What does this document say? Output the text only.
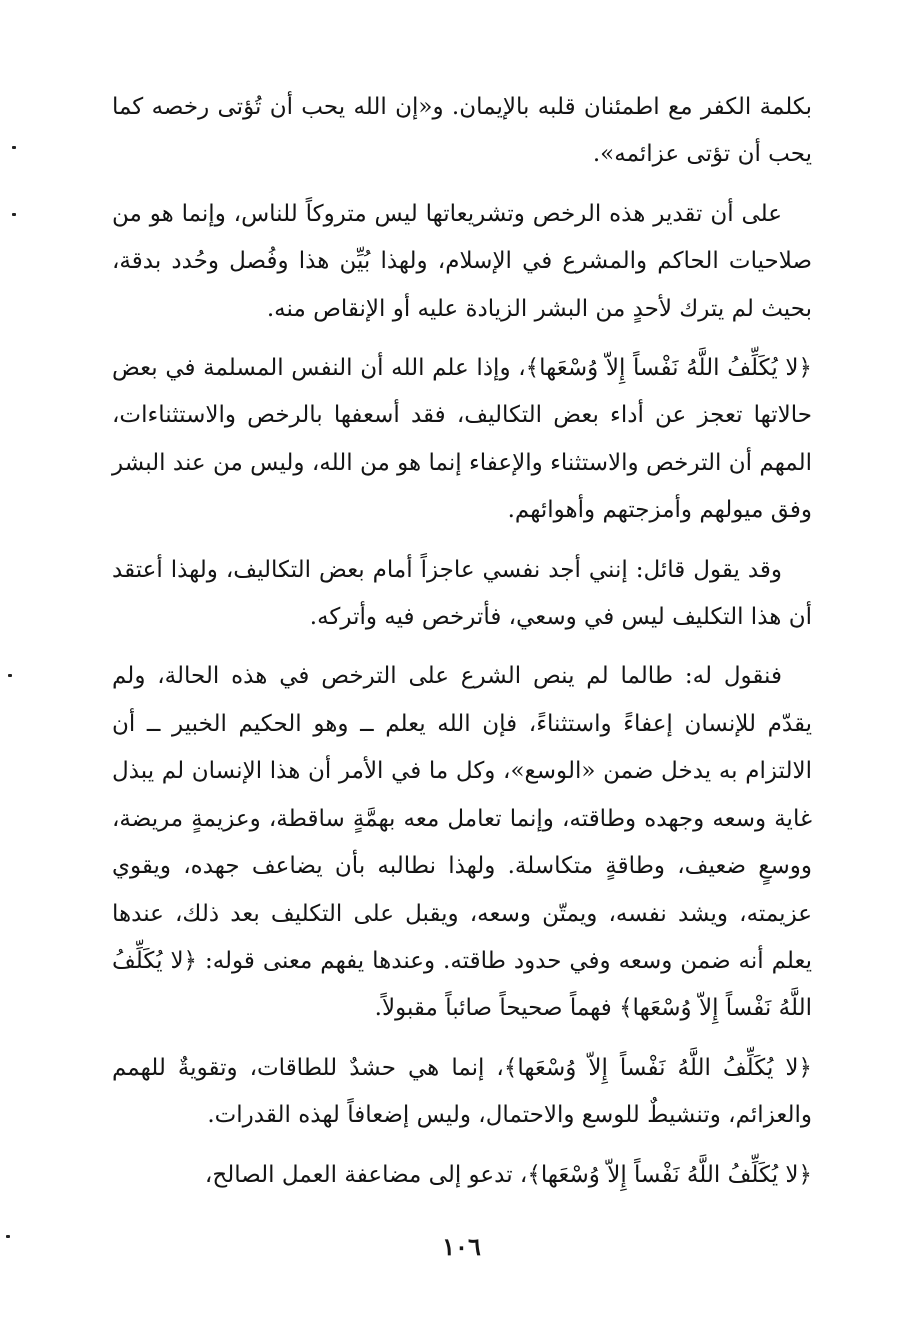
بكلمة الكفر مع اطمئنان قلبه بالإيمان. و«إن الله يحب أن تُؤتى رخصه كما يحب أن تؤتى عزائمه».

على أن تقدير هذه الرخص وتشريعاتها ليس متروكاً للناس، وإنما هو من صلاحيات الحاكم والمشرع في الإسلام، ولهذا بُيِّن هذا وفُصل وحُدد بدقة، بحيث لم يترك لأحدٍ من البشر الزيادة عليه أو الإنقاص منه.

﴿لا يُكَلِّفُ اللَّهُ نَفْساً إِلاّ وُسْعَها﴾، وإذا علم الله أن النفس المسلمة في بعض حالاتها تعجز عن أداء بعض التكاليف، فقد أسعفها بالرخص والاستثناءات، المهم أن الترخص والاستثناء والإعفاء إنما هو من الله، وليس من عند البشر وفق ميولهم وأمزجتهم وأهوائهم.

وقد يقول قائل: إنني أجد نفسي عاجزاً أمام بعض التكاليف، ولهذا أعتقد أن هذا التكليف ليس في وسعي، فأترخص فيه وأتركه.

فنقول له: طالما لم ينص الشرع على الترخص في هذه الحالة، ولم يقدّم للإنسان إعفاءً واستثناءً، فإن الله يعلم ــ وهو الحكيم الخبير ــ أن الالتزام به يدخل ضمن «الوسع»، وكل ما في الأمر أن هذا الإنسان لم يبذل غاية وسعه وجهده وطاقته، وإنما تعامل معه بهمَّةٍ ساقطة، وعزيمةٍ مريضة، ووسعٍ ضعيف، وطاقةٍ متكاسلة. ولهذا نطالبه بأن يضاعف جهده، ويقوي عزيمته، ويشد نفسه، ويمتّن وسعه، ويقبل على التكليف بعد ذلك، عندها يعلم أنه ضمن وسعه وفي حدود طاقته. وعندها يفهم معنى قوله: ﴿لا يُكَلِّفُ اللَّهُ نَفْساً إِلاّ وُسْعَها﴾ فهماً صحيحاً صائباً مقبولاً.

﴿لا يُكَلِّفُ اللَّهُ نَفْساً إِلاّ وُسْعَها﴾، إنما هي حشدٌ للطاقات، وتقويةٌ للهمم والعزائم، وتنشيطٌ للوسع والاحتمال، وليس إضعافاً لهذه القدرات.

﴿لا يُكَلِّفُ اللَّهُ نَفْساً إِلاّ وُسْعَها﴾، تدعو إلى مضاعفة العمل الصالح،

١٠٦
